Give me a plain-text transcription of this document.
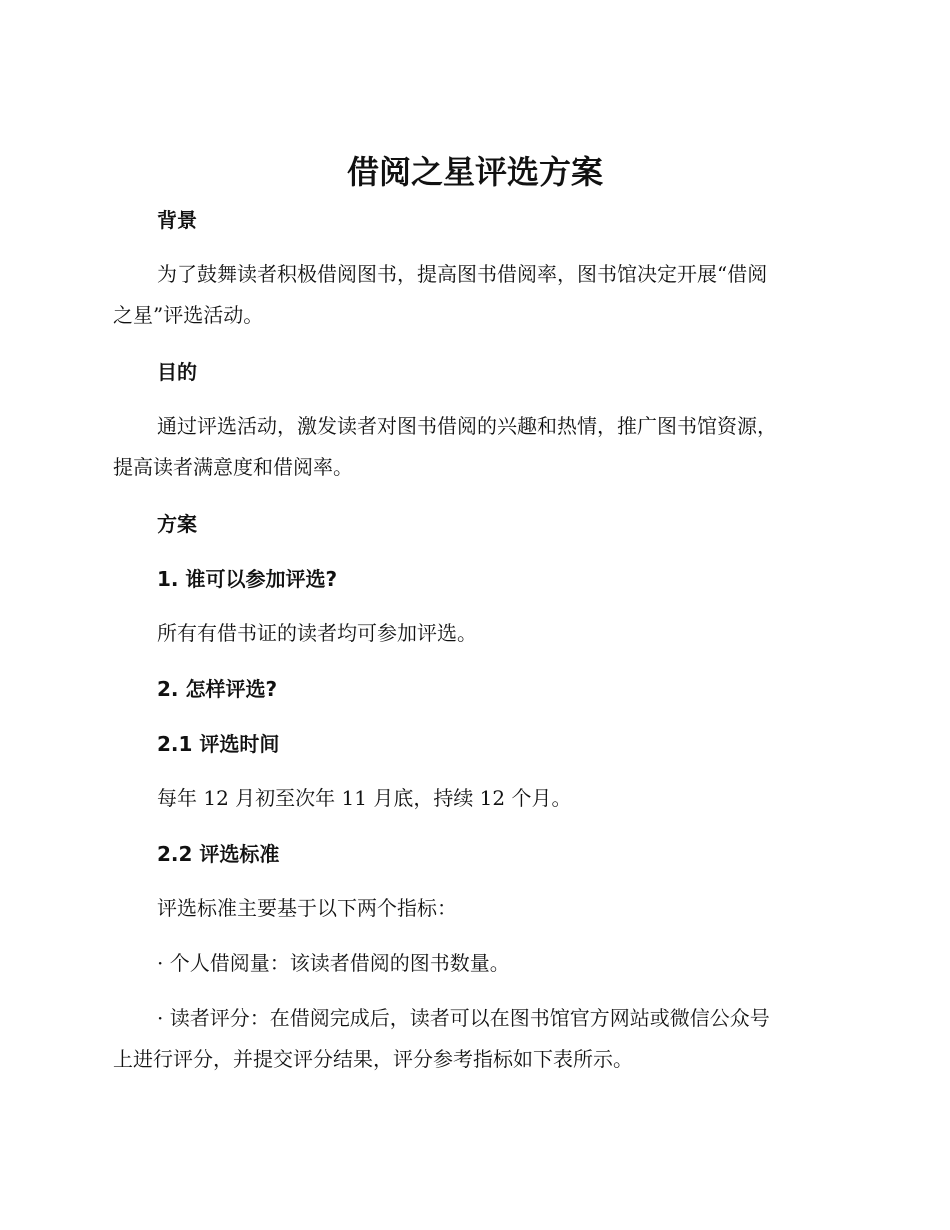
借阅之星评选方案
背景
为了鼓舞读者积极借阅图书，提高图书借阅率，图书馆决定开展“借阅
之星”评选活动。
目的
通过评选活动，激发读者对图书借阅的兴趣和热情，推广图书馆资源，
提高读者满意度和借阅率。
方案
1. 谁可以参加评选?
所有有借书证的读者均可参加评选。
2. 怎样评选?
2.1 评选时间
每年 12 月初至次年 11 月底，持续 12 个月。
2.2 评选标准
评选标准主要基于以下两个指标：
· 个人借阅量：该读者借阅的图书数量。
· 读者评分：在借阅完成后，读者可以在图书馆官方网站或微信公众号
上进行评分，并提交评分结果，评分参考指标如下表所示。
